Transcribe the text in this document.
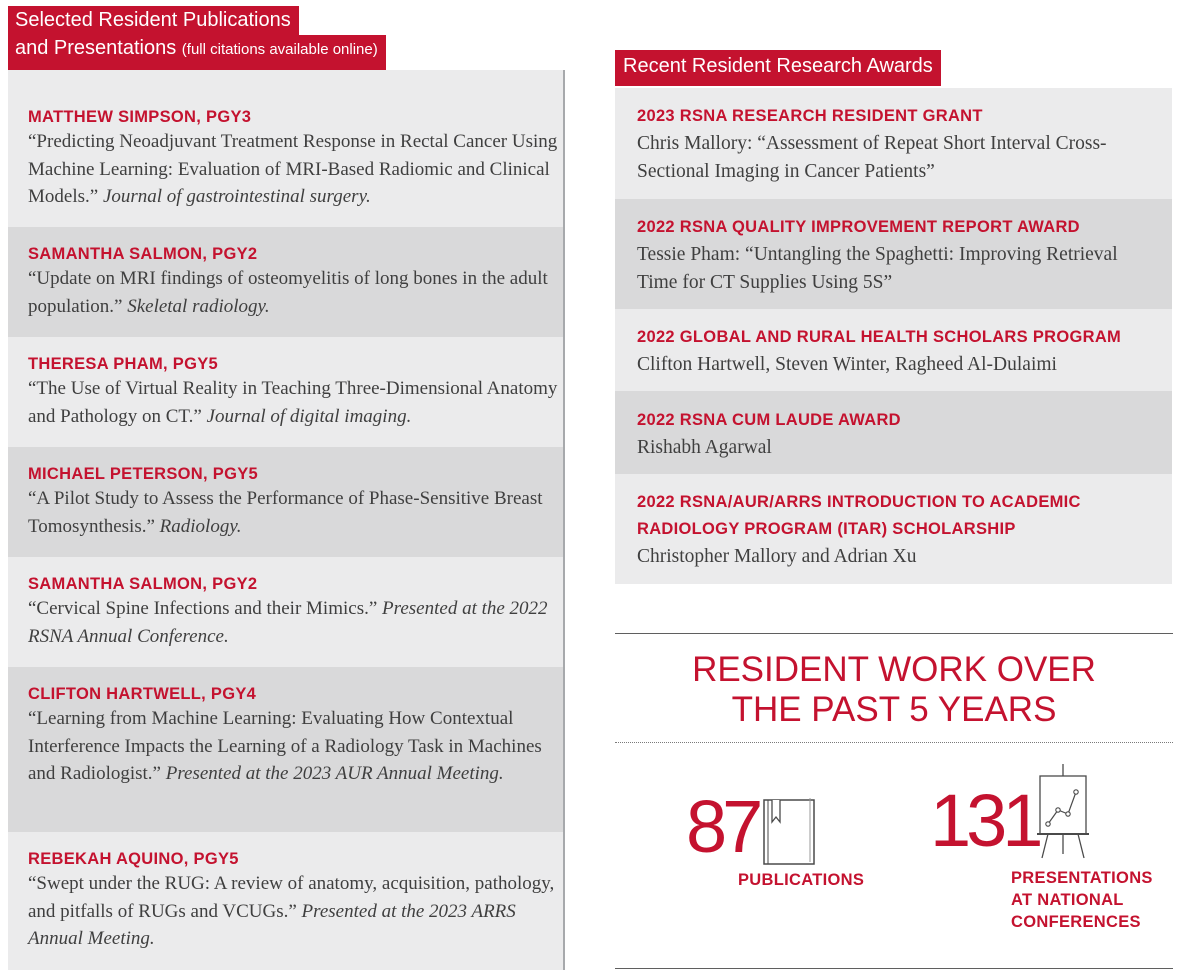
Selected Resident Publications
and Presentations (full citations available online)
MATTHEW SIMPSON, PGY3
“Predicting Neoadjuvant Treatment Response in Rectal Cancer Using Machine Learning: Evaluation of MRI-Based Radiomic and Clinical Models.” Journal of gastrointestinal surgery.
SAMANTHA SALMON, PGY2
“Update on MRI findings of osteomyelitis of long bones in the adult population.” Skeletal radiology.
THERESA PHAM, PGY5
“The Use of Virtual Reality in Teaching Three-Dimensional Anatomy and Pathology on CT.” Journal of digital imaging.
MICHAEL PETERSON, PGY5
“A Pilot Study to Assess the Performance of Phase-Sensitive Breast Tomosynthesis.” Radiology.
SAMANTHA SALMON, PGY2
“Cervical Spine Infections and their Mimics.” Presented at the 2022 RSNA Annual Conference.
CLIFTON HARTWELL, PGY4
“Learning from Machine Learning: Evaluating How Contextual Interference Impacts the Learning of a Radiology Task in Machines and Radiologist.” Presented at the 2023 AUR Annual Meeting.
REBEKAH AQUINO, PGY5
“Swept under the RUG: A review of anatomy, acquisition, pathology, and pitfalls of RUGs and VCUGs.” Presented at the 2023 ARRS Annual Meeting.
Recent Resident Research Awards
2023 RSNA RESEARCH RESIDENT GRANT
Chris Mallory: “Assessment of Repeat Short Interval Cross-Sectional Imaging in Cancer Patients”
2022 RSNA QUALITY IMPROVEMENT REPORT AWARD
Tessie Pham: “Untangling the Spaghetti: Improving Retrieval Time for CT Supplies Using 5S”
2022 GLOBAL AND RURAL HEALTH SCHOLARS PROGRAM
Clifton Hartwell, Steven Winter, Ragheed Al-Dulaimi
2022 RSNA CUM LAUDE AWARD
Rishabh Agarwal
2022 RSNA/AUR/ARRS INTRODUCTION TO ACADEMIC RADIOLOGY PROGRAM (ITAR) SCHOLARSHIP
Christopher Mallory and Adrian Xu
RESIDENT WORK OVER
THE PAST 5 YEARS
87
PUBLICATIONS
131
PRESENTATIONS
AT NATIONAL
CONFERENCES
